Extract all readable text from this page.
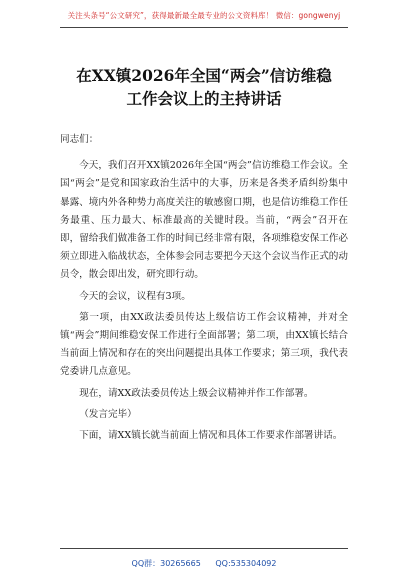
关注头条号“公文研究”，获得最新最全最专业的公文资料库！ 微信：gongwenyj
在XX镇2026年全国“两会”信访维稳
工作会议上的主持讲话

同志们：

今天，我们召开XX镇2026年全国“两会”信访维稳工作会议。全国“两会”是党和国家政治生活中的大事，历来是各类矛盾纠纷集中暴露、境内外各种势力高度关注的敏感窗口期，也是信访维稳工作任务最重、压力最大、标准最高的关键时段。当前，“两会”召开在即，留给我们做准备工作的时间已经非常有限，各项维稳安保工作必须立即进入临战状态，全体参会同志要把今天这个会议当作正式的动员令，散会即出发，研究即行动。

今天的会议，议程有3项。

第一项，由XX政法委员传达上级信访工作会议精神，并对全镇“两会”期间维稳安保工作进行全面部署；第二项，由XX镇长结合当前面上情况和存在的突出问题提出具体工作要求；第三项，我代表党委讲几点意见。

现在，请XX政法委员传达上级会议精神并作工作部署。

（发言完毕）

下面，请XX镇长就当前面上情况和具体工作要求作部署讲话。

QQ群：30265665 QQ:535304092
